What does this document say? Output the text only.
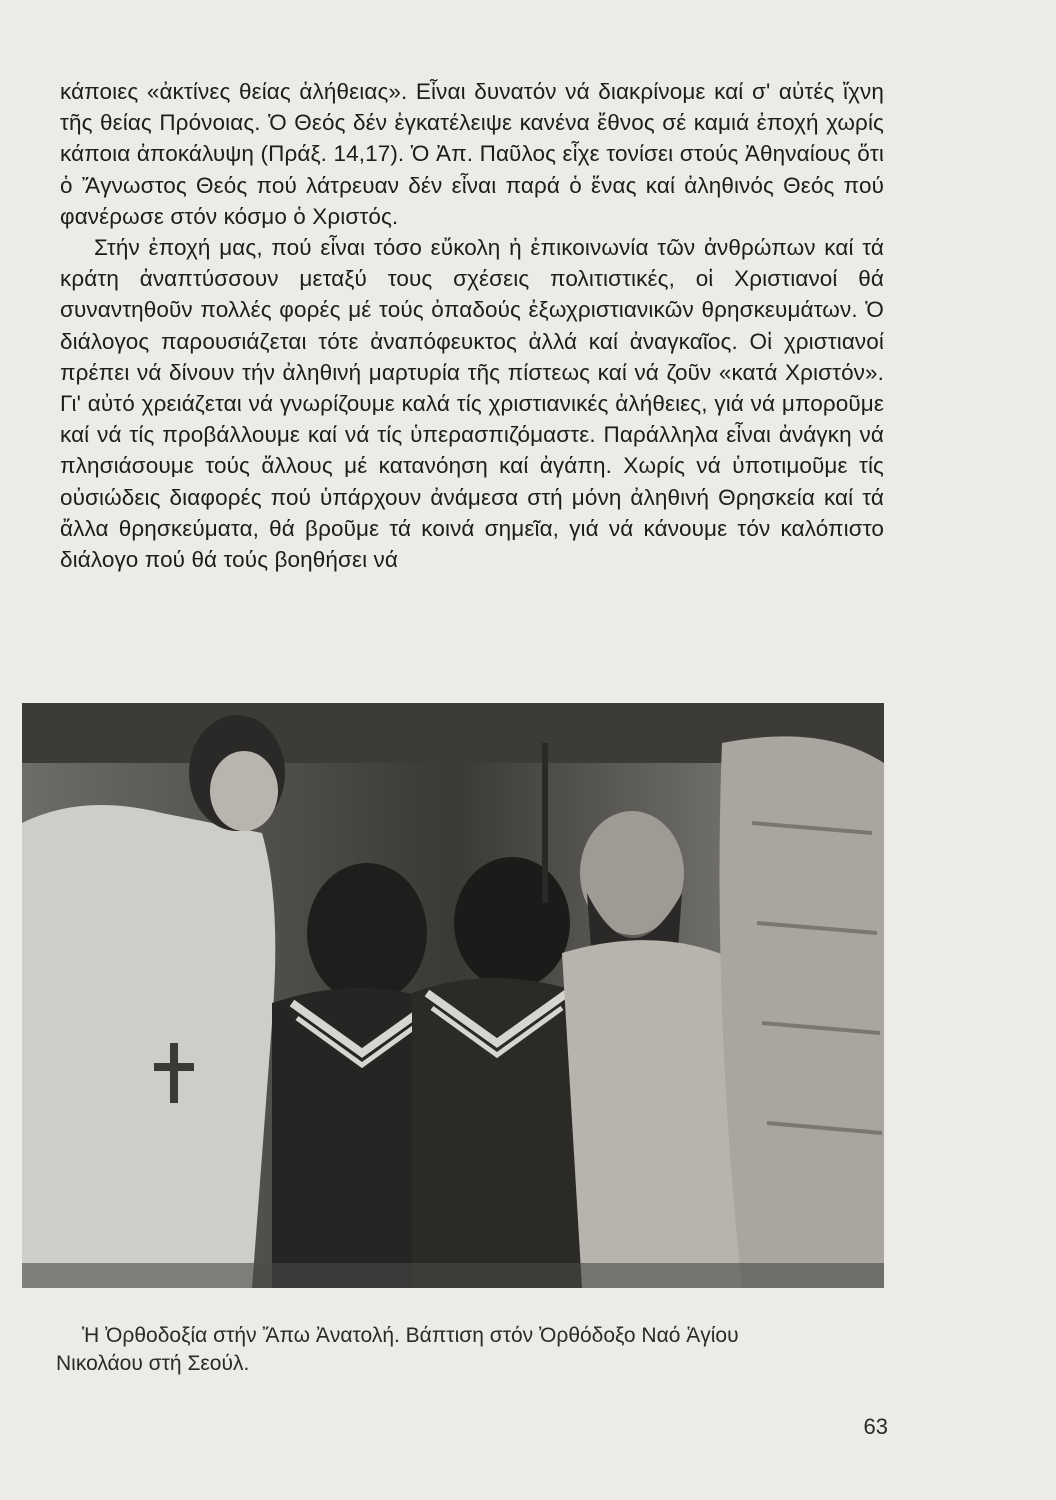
κάποιες «ἀκτίνες θείας ἀλήθειας». Εἶναι δυνατόν νά διακρίνομε καί σ' αὐτές ἴχνη τῆς θείας Πρόνοιας. Ὁ Θεός δέν ἐγκατέλειψε κανένα ἔθνος σέ καμιά ἐποχή χωρίς κάποια ἀποκάλυψη (Πράξ. 14,17). Ὁ Ἀπ. Παῦλος εἶχε τονίσει στούς Ἀθηναίους ὅτι ὁ Ἄγνωστος Θεός πού λάτρευαν δέν εἶναι παρά ὁ ἕνας καί ἀληθινός Θεός πού φανέρωσε στόν κόσμο ὁ Χριστός.

Στήν ἐποχή μας, πού εἶναι τόσο εὔκολη ἡ ἐπικοινωνία τῶν ἀνθρώπων καί τά κράτη ἀναπτύσσουν μεταξύ τους σχέσεις πολιτιστικές, οἱ Χριστιανοί θά συναντηθοῦν πολλές φορές μέ τούς ὀπαδούς ἐξωχριστιανικῶν θρησκευμάτων. Ὁ διάλογος παρουσιάζεται τότε ἀναπόφευκτος ἀλλά καί ἀναγκαῖος. Οἱ χριστιανοί πρέπει νά δίνουν τήν ἀληθινή μαρτυρία τῆς πίστεως καί νά ζοῦν «κατά Χριστόν». Γι' αὐτό χρειάζεται νά γνωρίζουμε καλά τίς χριστιανικές ἀλήθειες, γιά νά μποροῦμε καί νά τίς προβάλλουμε καί νά τίς ὑπερασπιζόμαστε. Παράλληλα εἶναι ἀνάγκη νά πλησιάσουμε τούς ἄλλους μέ κατανόηση καί ἀγάπη. Χωρίς νά ὑποτιμοῦμε τίς οὐσιώδεις διαφορές πού ὑπάρχουν ἀνάμεσα στή μόνη ἀληθινή Θρησκεία καί τά ἄλλα θρησκεύματα, θά βροῦμε τά κοινά σημεῖα, γιά νά κάνουμε τόν καλόπιστο διάλογο πού θά τούς βοηθήσει νά

Ἡ Ὀρθοδοξία στήν Ἄπω Ἀνατολή. Βάπτιση στόν Ὀρθόδοξο Ναό Ἁγίου
Νικολάου στή Σεούλ.
63
